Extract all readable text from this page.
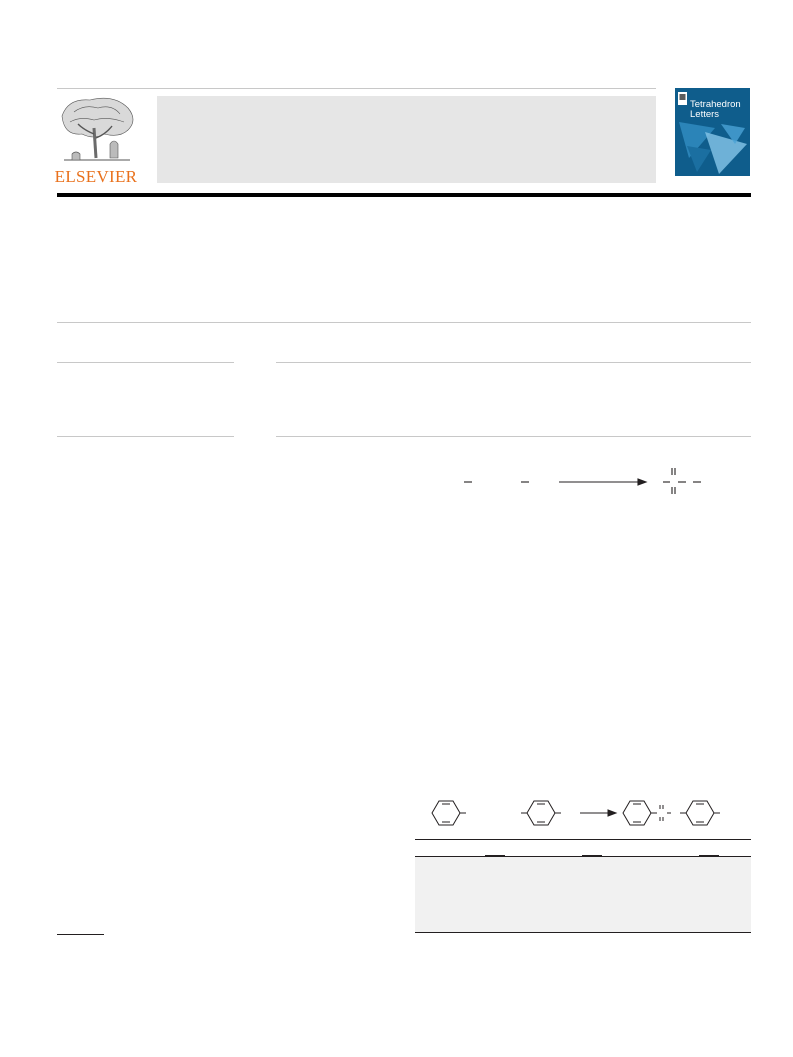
ELSEVIER
Tetrahedron Letters
